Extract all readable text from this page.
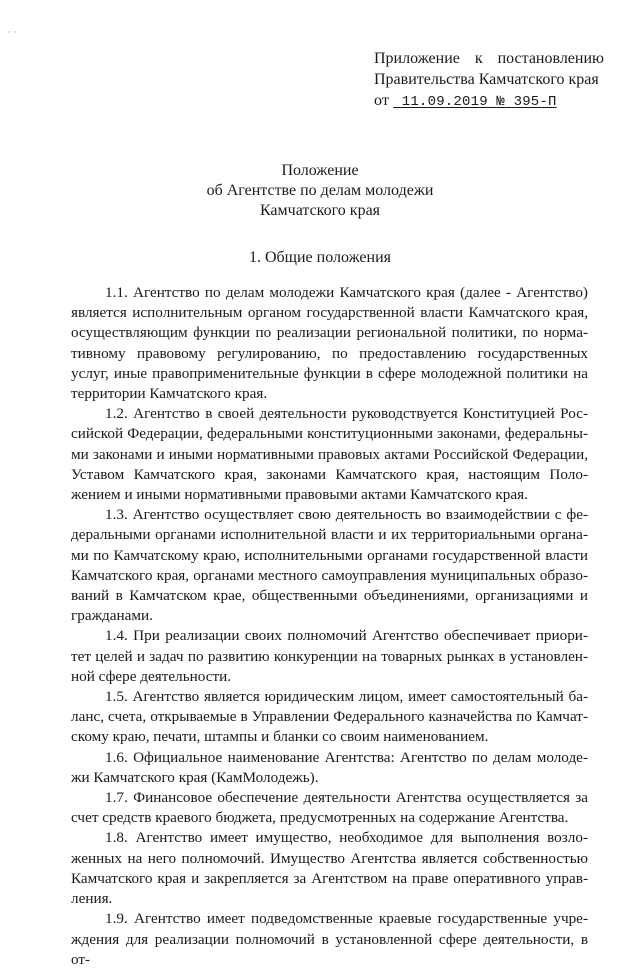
· ·
Приложение к постановлению
Правительства Камчатского края
от 11.09.2019 № 395-П
Положение
об Агентстве по делам молодежи
Камчатского края
1. Общие положения

1.1. Агентство по делам молодежи Камчатского края (далее - Агентство) является исполнительным органом государственной власти Камчатского края, осуществляющим функции по реализации региональной политики, по нормативному правовому регулированию, по предоставлению государственных услуг, иные правоприменительные функции в сфере молодежной политики на территории Камчатского края.

1.2. Агентство в своей деятельности руководствуется Конституцией Российской Федерации, федеральными конституционными законами, федеральными законами и иными нормативными правовых актами Российской Федерации, Уставом Камчатского края, законами Камчатского края, настоящим Положением и иными нормативными правовыми актами Камчатского края.

1.3. Агентство осуществляет свою деятельность во взаимодействии с федеральными органами исполнительной власти и их территориальными органами по Камчатскому краю, исполнительными органами государственной власти Камчатского края, органами местного самоуправления муниципальных образований в Камчатском крае, общественными объединениями, организациями и гражданами.

1.4. При реализации своих полномочий Агентство обеспечивает приоритет целей и задач по развитию конкуренции на товарных рынках в установленной сфере деятельности.

1.5. Агентство является юридическим лицом, имеет самостоятельный баланс, счета, открываемые в Управлении Федерального казначейства по Камчатскому краю, печати, штампы и бланки со своим наименованием.

1.6. Официальное наименование Агентства: Агентство по делам молодежи Камчатского края (КамМолодежь).

1.7. Финансовое обеспечение деятельности Агентства осуществляется за счет средств краевого бюджета, предусмотренных на содержание Агентства.

1.8. Агентство имеет имущество, необходимое для выполнения возложенных на него полномочий. Имущество Агентства является собственностью Камчатского края и закрепляется за Агентством на праве оперативного управления.

1.9. Агентство имеет подведомственные краевые государственные учреждения для реализации полномочий в установленной сфере деятельности, в от-
